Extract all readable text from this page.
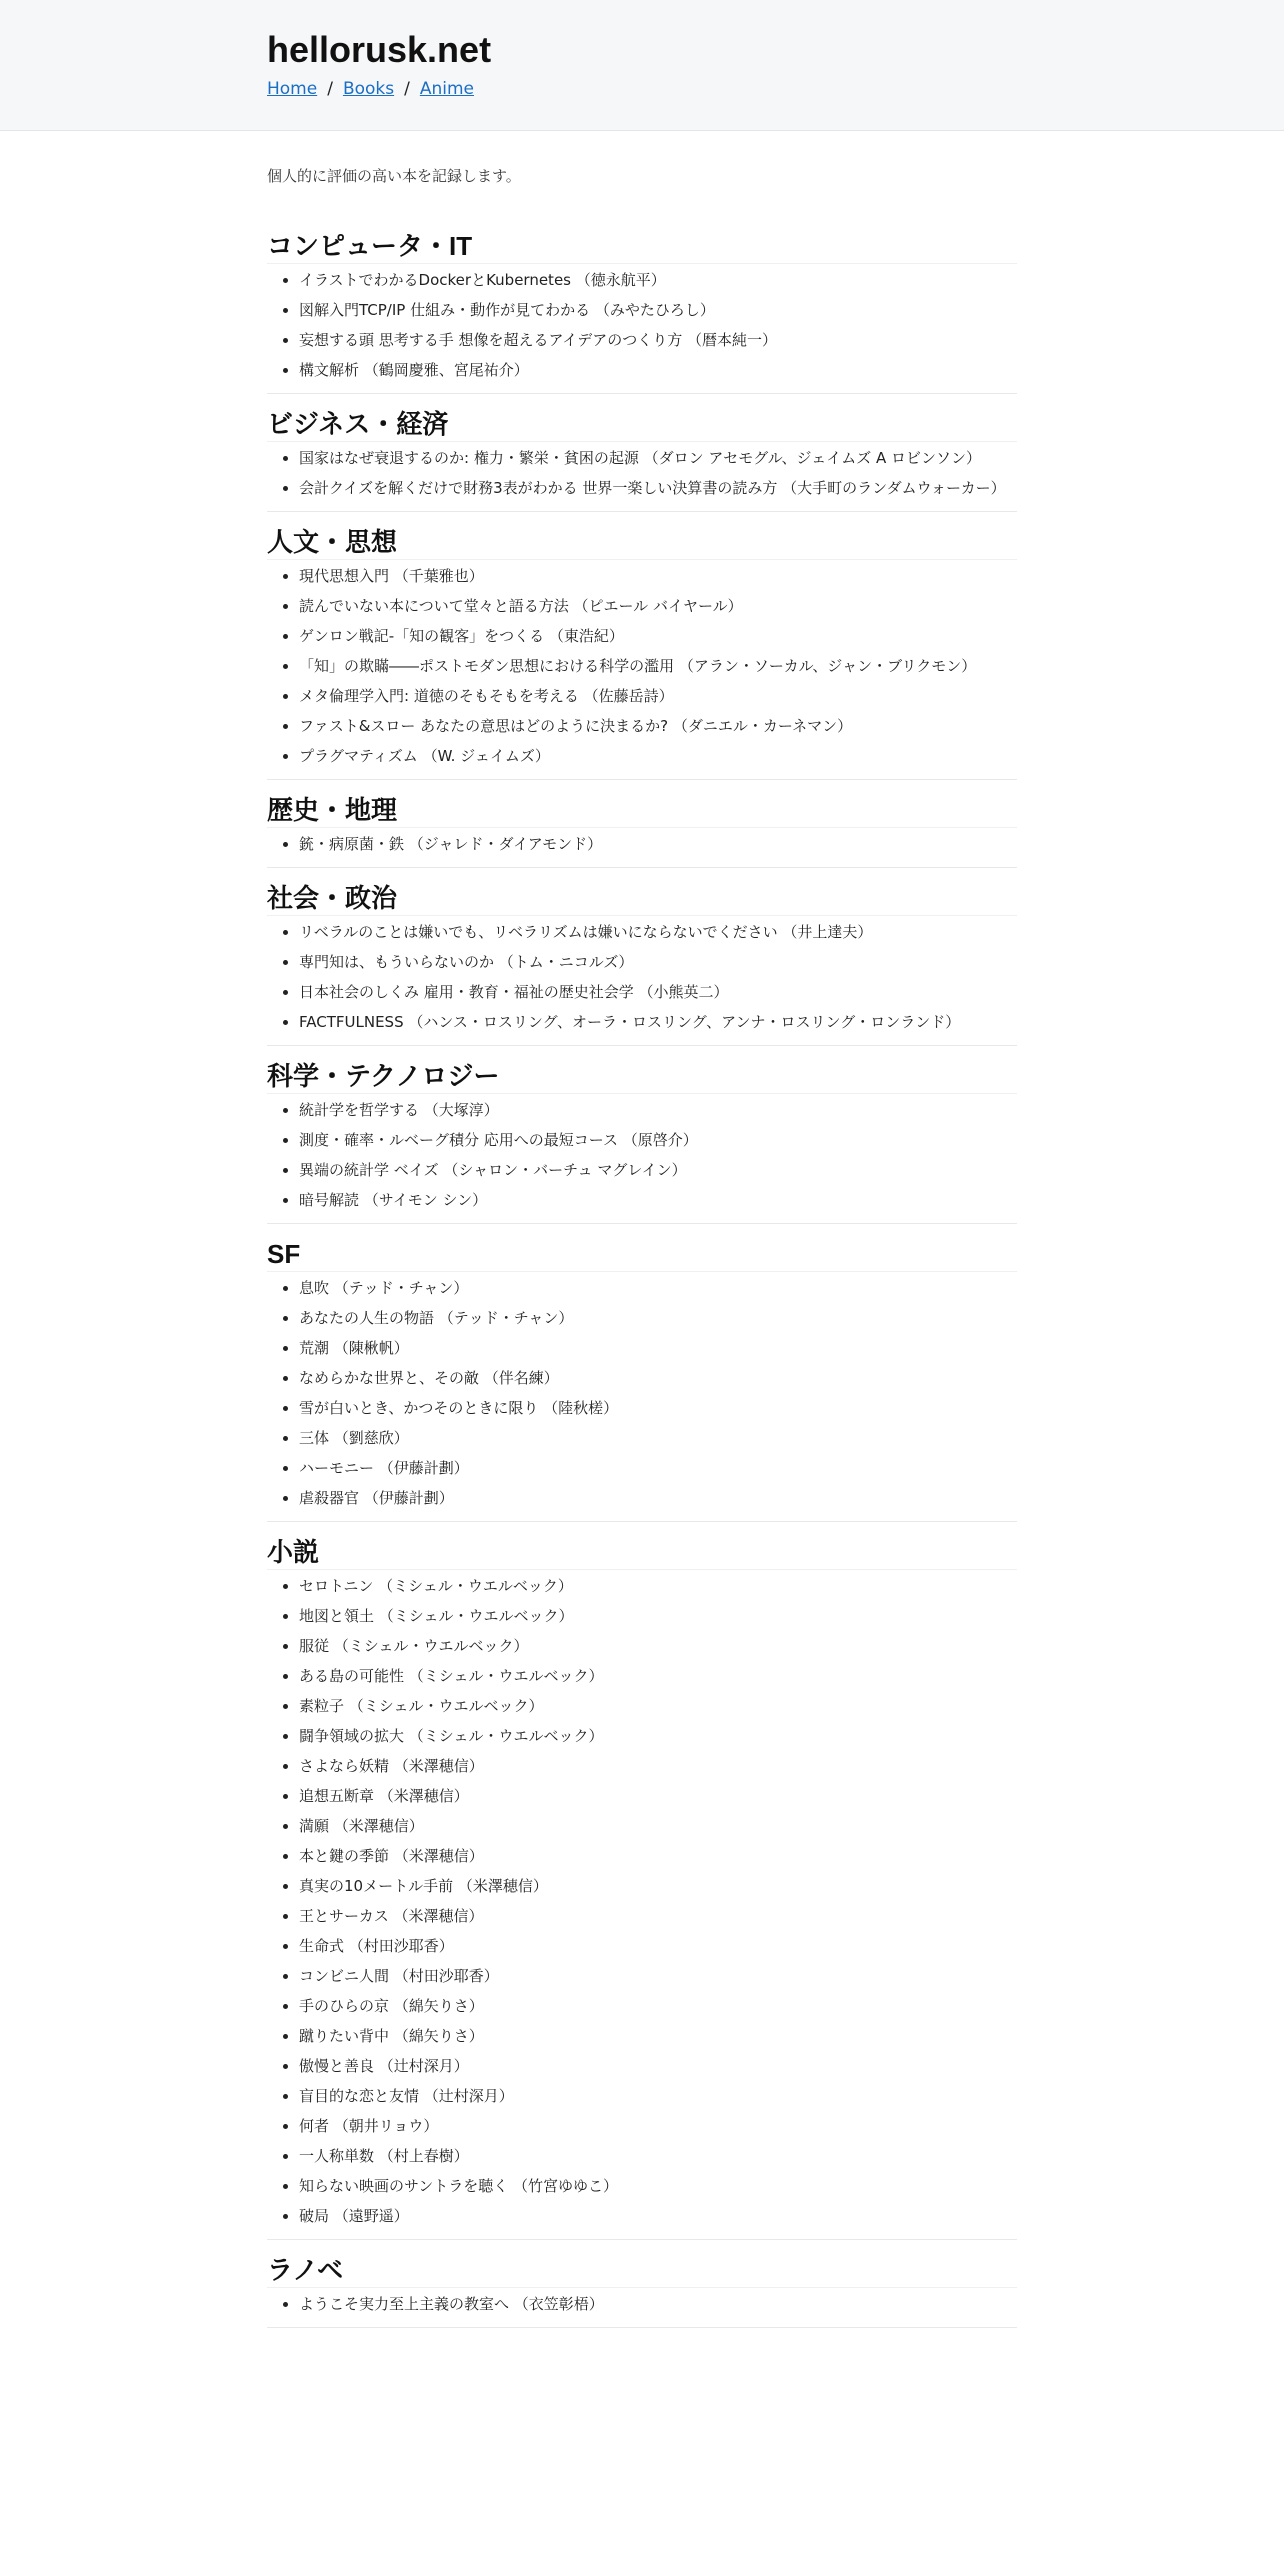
hellorusk.net
Home / Books / Anime

個人的に評価の高い本を記録します。

コンピュータ・IT
• イラストでわかるDockerとKubernetes （徳永航平）
• 図解入門TCP/IP 仕組み・動作が見てわかる （みやたひろし）
• 妄想する頭 思考する手 想像を超えるアイデアのつくり方 （暦本純一）
• 構文解析 （鶴岡慶雅、宮尾祐介）
ビジネス・経済
• 国家はなぜ衰退するのか: 権力・繁栄・貧困の起源 （ダロン アセモグル、ジェイムズ A ロビンソン）
• 会計クイズを解くだけで財務3表がわかる 世界一楽しい決算書の読み方 （大手町のランダムウォーカー）
人文・思想
• 現代思想入門 （千葉雅也）
• 読んでいない本について堂々と語る方法 （ピエール バイヤール）
• ゲンロン戦記-「知の観客」をつくる （東浩紀）
• 「知」の欺瞞――ポストモダン思想における科学の濫用 （アラン・ソーカル、ジャン・ブリクモン）
• メタ倫理学入門: 道徳のそもそもを考える （佐藤岳詩）
• ファスト&スロー あなたの意思はどのように決まるか? （ダニエル・カーネマン）
• プラグマティズム （W. ジェイムズ）
歴史・地理
• 銃・病原菌・鉄 （ジャレド・ダイアモンド）
社会・政治
• リベラルのことは嫌いでも、リベラリズムは嫌いにならないでください （井上達夫）
• 専門知は、もういらないのか （トム・ニコルズ）
• 日本社会のしくみ 雇用・教育・福祉の歴史社会学 （小熊英二）
• FACTFULNESS （ハンス・ロスリング、オーラ・ロスリング、アンナ・ロスリング・ロンランド）
科学・テクノロジー
• 統計学を哲学する （大塚淳）
• 測度・確率・ルベーグ積分 応用への最短コース （原啓介）
• 異端の統計学 ベイズ （シャロン・バーチュ マグレイン）
• 暗号解読 （サイモン シン）
SF
• 息吹 （テッド・チャン）
• あなたの人生の物語 （テッド・チャン）
• 荒潮 （陳楸帆）
• なめらかな世界と、その敵 （伴名練）
• 雪が白いとき、かつそのときに限り （陸秋槎）
• 三体 （劉慈欣）
• ハーモニー （伊藤計劃）
• 虐殺器官 （伊藤計劃）
小説
• セロトニン （ミシェル・ウエルベック）
• 地図と領土 （ミシェル・ウエルベック）
• 服従 （ミシェル・ウエルベック）
• ある島の可能性 （ミシェル・ウエルベック）
• 素粒子 （ミシェル・ウエルベック）
• 闘争領域の拡大 （ミシェル・ウエルベック）
• さよなら妖精 （米澤穂信）
• 追想五断章 （米澤穂信）
• 満願 （米澤穂信）
• 本と鍵の季節 （米澤穂信）
• 真実の10メートル手前 （米澤穂信）
• 王とサーカス （米澤穂信）
• 生命式 （村田沙耶香）
• コンビニ人間 （村田沙耶香）
• 手のひらの京 （綿矢りさ）
• 蹴りたい背中 （綿矢りさ）
• 傲慢と善良 （辻村深月）
• 盲目的な恋と友情 （辻村深月）
• 何者 （朝井リョウ）
• 一人称単数 （村上春樹）
• 知らない映画のサントラを聴く （竹宮ゆゆこ）
• 破局 （遠野遥）
ラノベ
• ようこそ実力至上主義の教室へ （衣笠彰梧）
